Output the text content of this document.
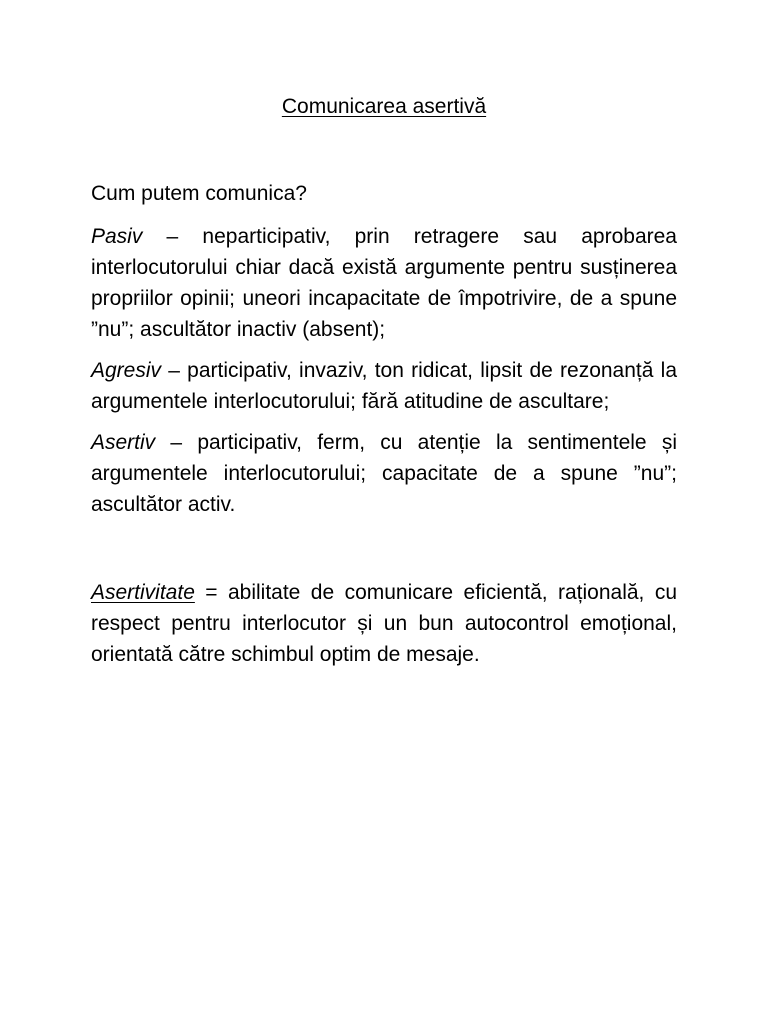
Comunicarea asertivă

Cum putem comunica?

Pasiv – neparticipativ, prin retragere sau aprobarea interlocutorului chiar dacă există argumente pentru susținerea propriilor opinii; uneori incapacitate de împotrivire, de a spune ”nu”; ascultător inactiv (absent);

Agresiv – participativ, invaziv, ton ridicat, lipsit de rezonanță la argumentele interlocutorului; fără atitudine de ascultare;

Asertiv – participativ, ferm, cu atenție la sentimentele și argumentele interlocutorului; capacitate de a spune ”nu”; ascultător activ.

Asertivitate = abilitate de comunicare eficientă, rațională, cu respect pentru interlocutor și un bun autocontrol emoțional, orientată către schimbul optim de mesaje.
